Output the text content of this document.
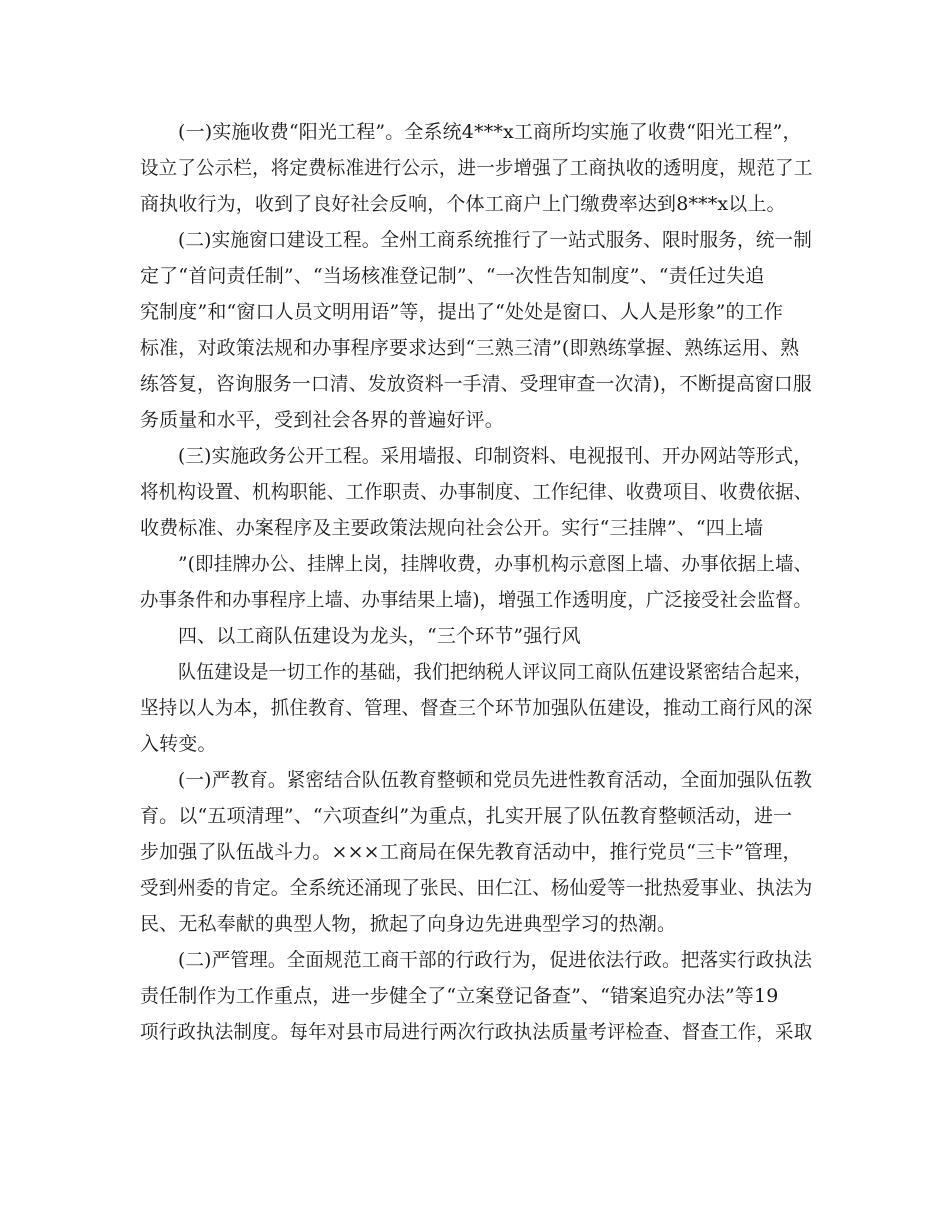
(一)实施收费“阳光工程”。全系统4***x工商所均实施了收费“阳光工程”，
设立了公示栏，将定费标准进行公示，进一步增强了工商执收的透明度，规范了工
商执收行为，收到了良好社会反响，个体工商户上门缴费率达到8***x以上。
(二)实施窗口建设工程。全州工商系统推行了一站式服务、限时服务，统一制
定了“首问责任制”、“当场核准登记制”、“一次性告知制度”、“责任过失追
究制度”和“窗口人员文明用语”等，提出了“处处是窗口、人人是形象”的工作
标准，对政策法规和办事程序要求达到“三熟三清”(即熟练掌握、熟练运用、熟
练答复，咨询服务一口清、发放资料一手清、受理审查一次清)，不断提高窗口服
务质量和水平，受到社会各界的普遍好评。
(三)实施政务公开工程。采用墙报、印制资料、电视报刊、开办网站等形式，
将机构设置、机构职能、工作职责、办事制度、工作纪律、收费项目、收费依据、
收费标准、办案程序及主要政策法规向社会公开。实行“三挂牌”、“四上墙
”(即挂牌办公、挂牌上岗，挂牌收费，办事机构示意图上墙、办事依据上墙、
办事条件和办事程序上墙、办事结果上墙)，增强工作透明度，广泛接受社会监督。
四、以工商队伍建设为龙头，“三个环节”强行风
队伍建设是一切工作的基础，我们把纳税人评议同工商队伍建设紧密结合起来，
坚持以人为本，抓住教育、管理、督查三个环节加强队伍建设，推动工商行风的深
入转变。
(一)严教育。紧密结合队伍教育整顿和党员先进性教育活动，全面加强队伍教
育。以“五项清理”、“六项查纠”为重点，扎实开展了队伍教育整顿活动，进一
步加强了队伍战斗力。×××工商局在保先教育活动中，推行党员“三卡”管理，
受到州委的肯定。全系统还涌现了张民、田仁江、杨仙爱等一批热爱事业、执法为
民、无私奉献的典型人物，掀起了向身边先进典型学习的热潮。
(二)严管理。全面规范工商干部的行政行为，促进依法行政。把落实行政执法
责任制作为工作重点，进一步健全了“立案登记备查”、“错案追究办法”等19
项行政执法制度。每年对县市局进行两次行政执法质量考评检查、督查工作，采取
